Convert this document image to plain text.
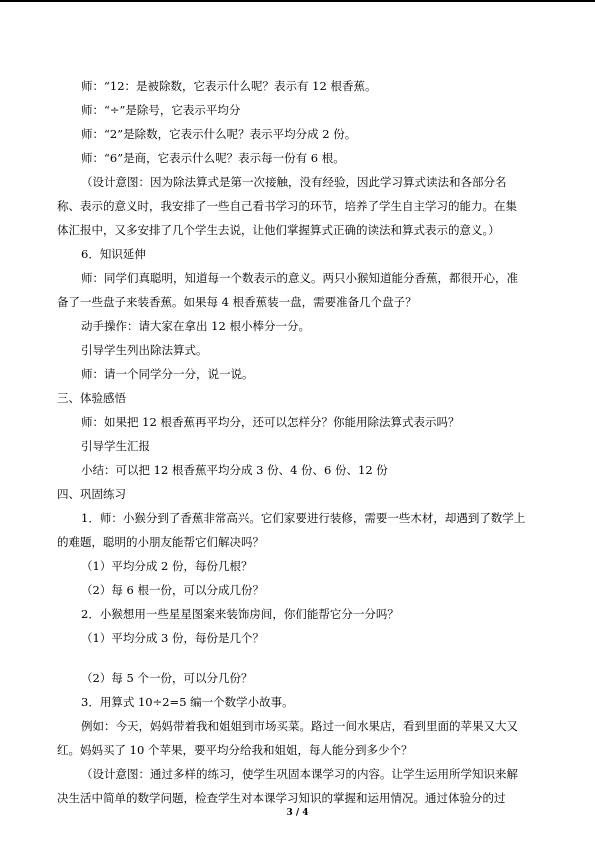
师：“12：是被除数，它表示什么呢？表示有 12 根香蕉。
师：“÷”是除号，它表示平均分
师：“2”是除数，它表示什么呢？表示平均分成 2 份。
师：“6”是商，它表示什么呢？表示每一份有 6 根。
（设计意图：因为除法算式是第一次接触，没有经验，因此学习算式读法和各部分名
称、表示的意义时，我安排了一些自己看书学习的环节，培养了学生自主学习的能力。在集
体汇报中，又多安排了几个学生去说，让他们掌握算式正确的读法和算式表示的意义。）
6．知识延伸
师：同学们真聪明，知道每一个数表示的意义。两只小猴知道能分香蕉，都很开心，准
备了一些盘子来装香蕉。如果每 4 根香蕉装一盘，需要准备几个盘子？
动手操作：请大家在拿出 12 根小棒分一分。
引导学生列出除法算式。
师：请一个同学分一分，说一说。
三、体验感悟
师：如果把 12 根香蕉再平均分，还可以怎样分？你能用除法算式表示吗？
引导学生汇报
小结：可以把 12 根香蕉平均分成 3 份、4 份、6 份、12 份
四、巩固练习
1．师：小猴分到了香蕉非常高兴。它们家要进行装修，需要一些木材，却遇到了数学上
的难题，聪明的小朋友能帮它们解决吗？
（1）平均分成 2 份，每份几根？
（2）每 6 根一份，可以分成几份？
2．小猴想用一些星星图案来装饰房间，你们能帮它分一分吗？
（1）平均分成 3 份，每份是几个？
（2）每 5 个一份，可以分几份？
3．用算式 10÷2=5 编一个数学小故事。
例如：今天，妈妈带着我和姐姐到市场买菜。路过一间水果店，看到里面的苹果又大又
红。妈妈买了 10 个苹果，要平均分给我和姐姐，每人能分到多少个？
（设计意图：通过多样的练习，使学生巩固本课学习的内容。让学生运用所学知识来解
决生活中简单的数学问题，检查学生对本课学习知识的掌握和运用情况。通过体验分的过
3 / 4
